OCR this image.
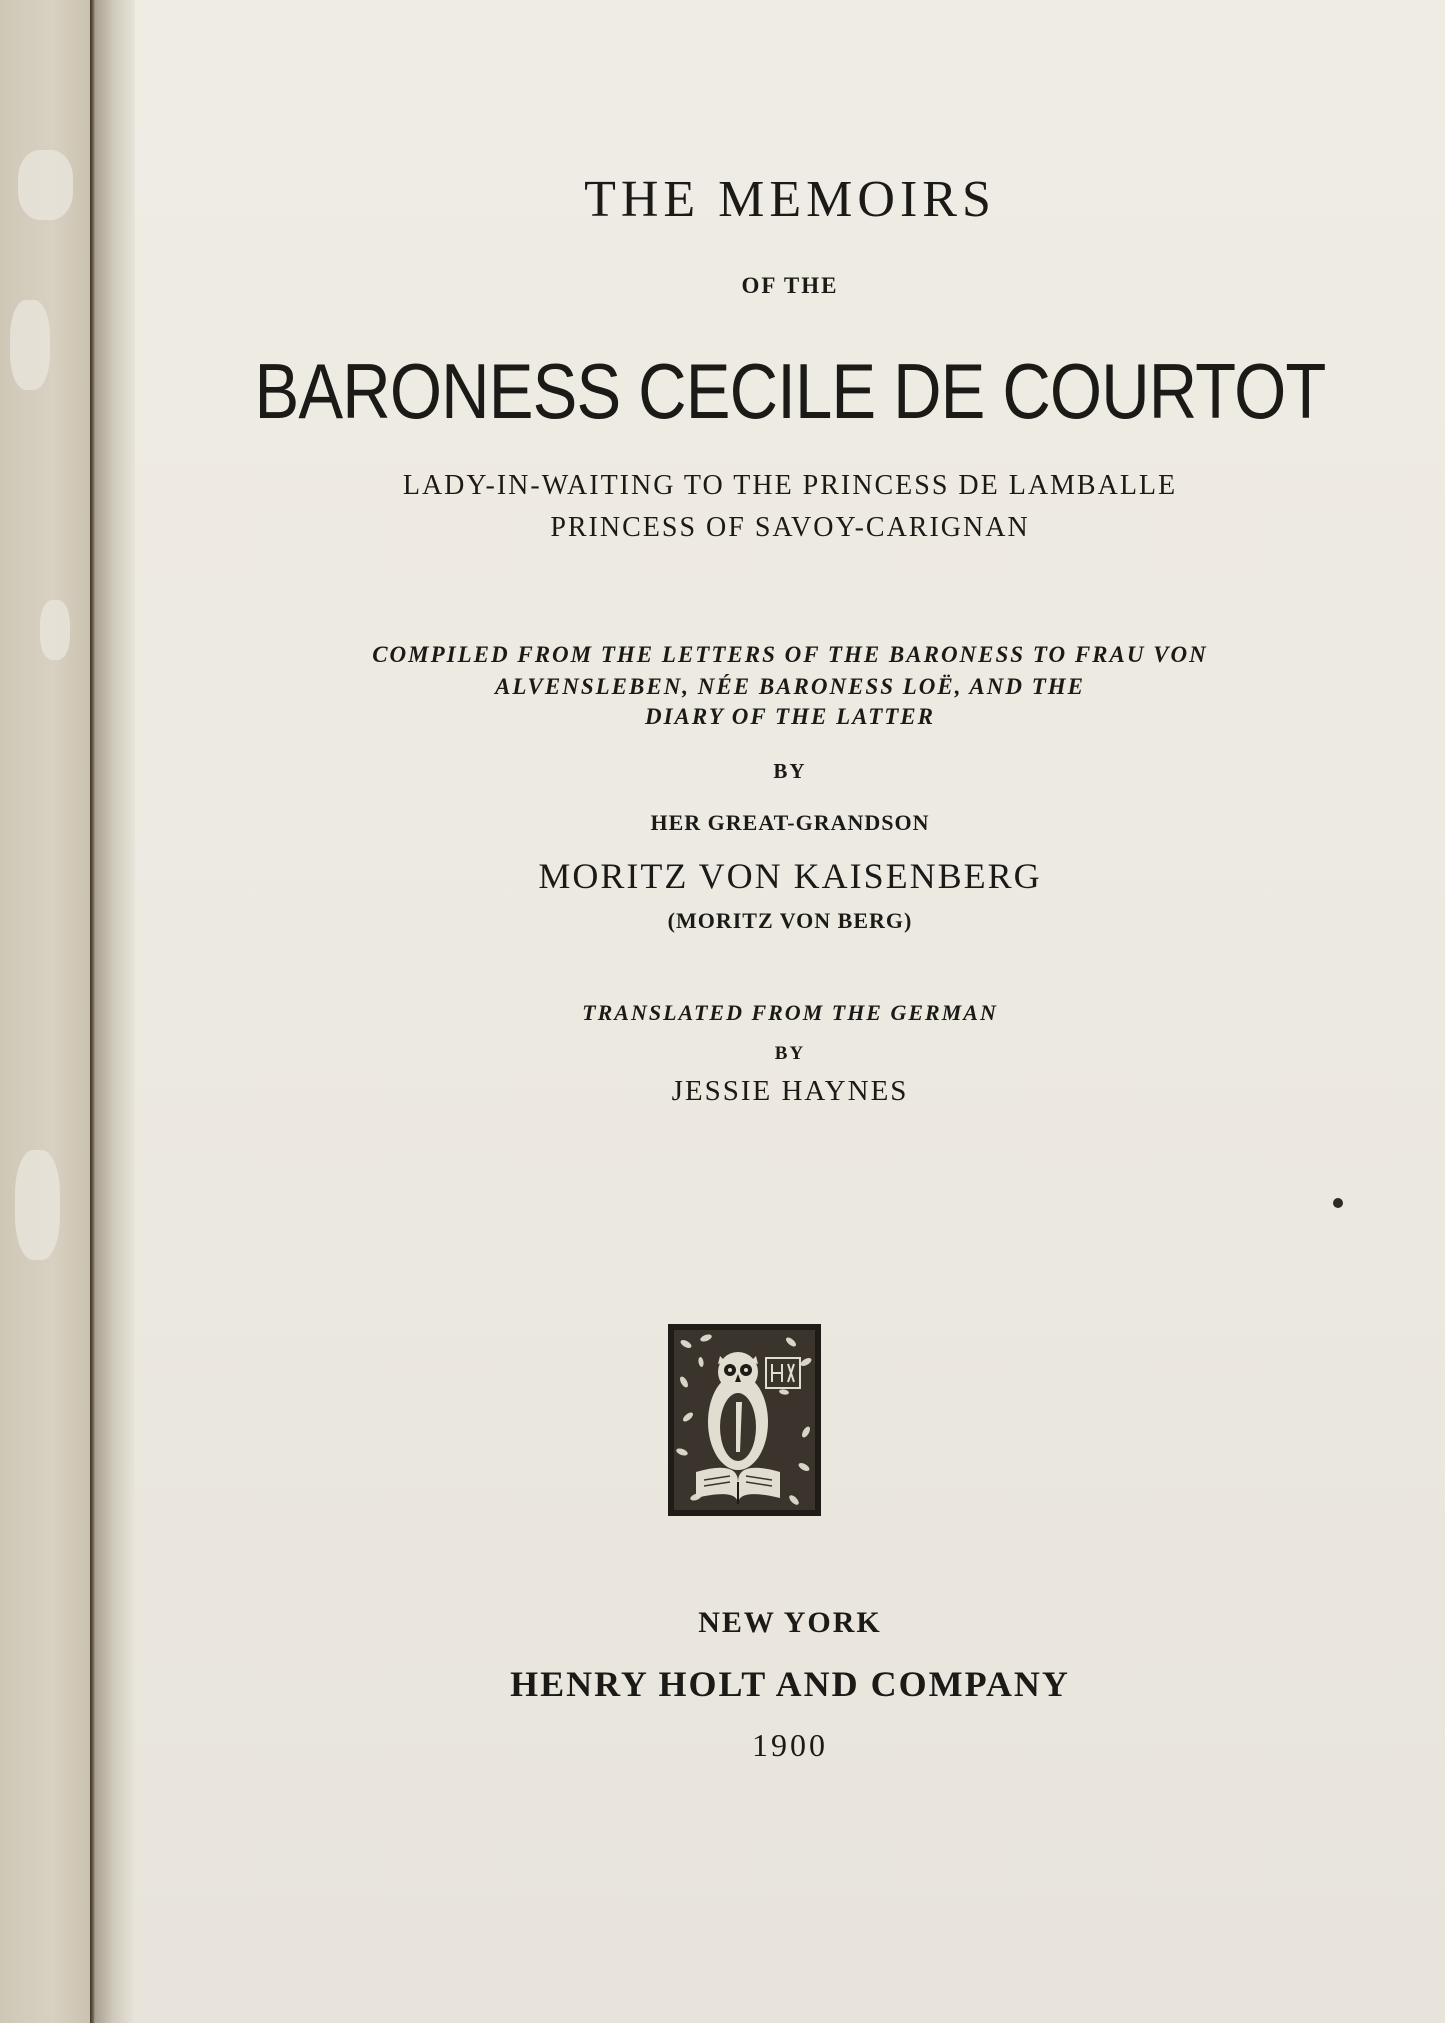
THE MEMOIRS
OF THE
BARONESS CECILE DE COURTOT
LADY-IN-WAITING TO THE PRINCESS DE LAMBALLE
PRINCESS OF SAVOY-CARIGNAN
COMPILED FROM THE LETTERS OF THE BARONESS TO FRAU VON
ALVENSLEBEN, NÉE BARONESS LOË, AND THE
DIARY OF THE LATTER
BY
HER GREAT-GRANDSON
MORITZ VON KAISENBERG
(MORITZ VON BERG)
TRANSLATED FROM THE GERMAN
BY
JESSIE HAYNES
NEW YORK
HENRY HOLT AND COMPANY
1900
